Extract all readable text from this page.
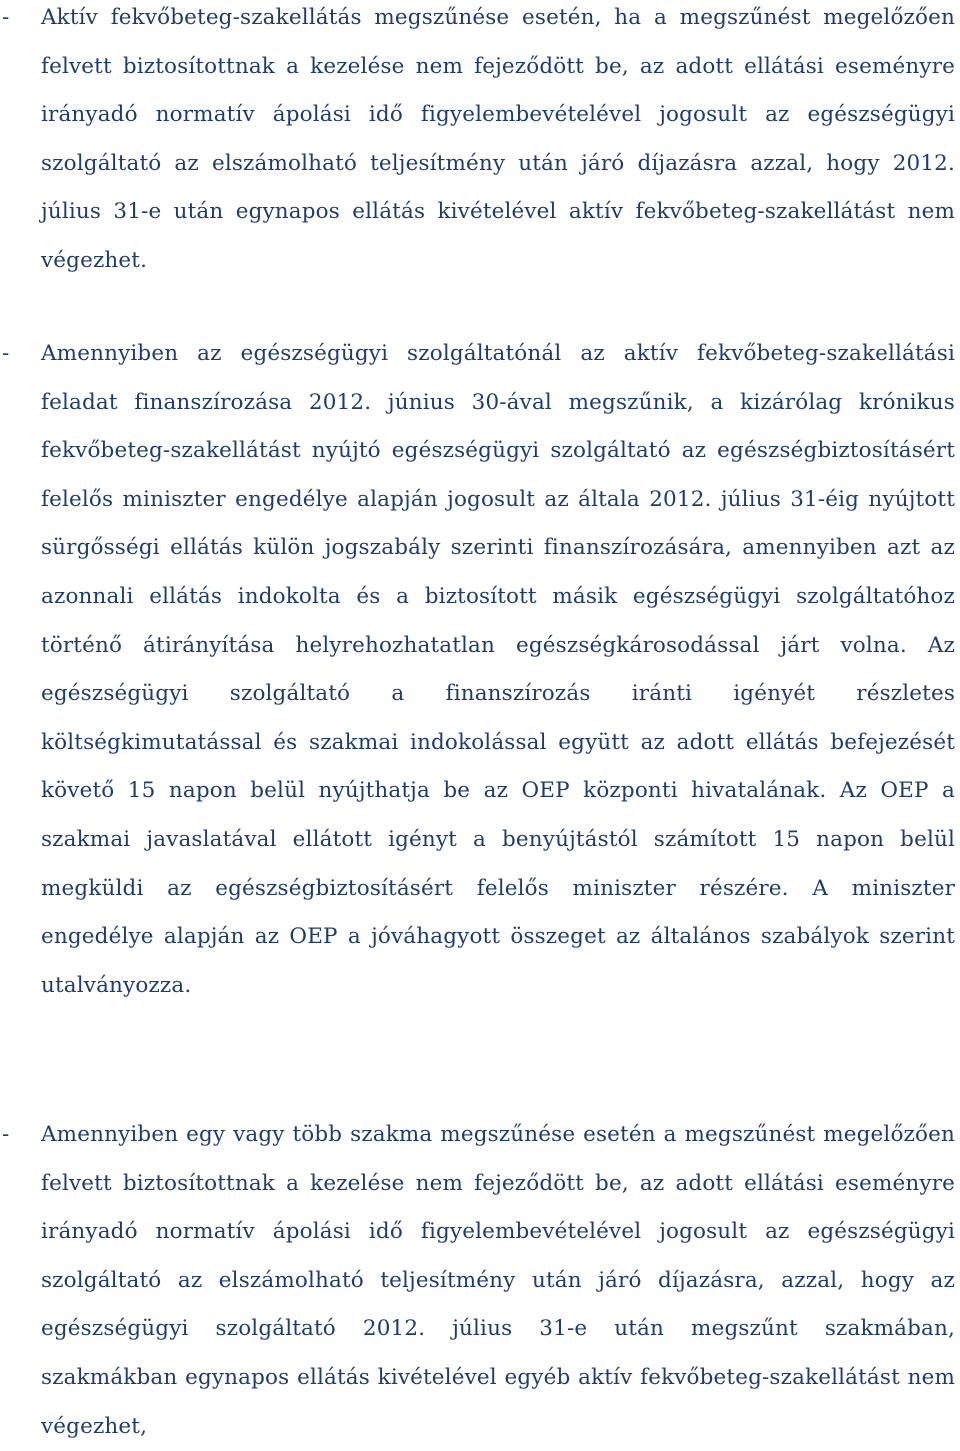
-	Aktív fekvőbeteg-szakellátás megszűnése esetén, ha a megszűnést megelőzően felvett biztosítottnak a kezelése nem fejeződött be, az adott ellátási eseményre irányadó normatív ápolási idő figyelembevételével jogosult az egészségügyi szolgáltató az elszámolható teljesítmény után járó díjazásra azzal, hogy 2012. július 31-e után egynapos ellátás kivételével aktív fekvőbeteg-szakellátást nem végezhet.
-	Amennyiben az egészségügyi szolgáltatónál az aktív fekvőbeteg-szakellátási feladat finanszírozása 2012. június 30-ával megszűnik, a kizárólag krónikus fekvőbeteg-szakellátást nyújtó egészségügyi szolgáltató az egészségbiztosításért felelős miniszter engedélye alapján jogosult az általa 2012. július 31-éig nyújtott sürgősségi ellátás külön jogszabály szerinti finanszírozására, amennyiben azt az azonnali ellátás indokolta és a biztosított másik egészségügyi szolgáltatóhoz történő átirányítása helyrehozhatatlan egészségkárosodással járt volna. Az egészségügyi szolgáltató a finanszírozás iránti igényét részletes költségkimutatással és szakmai indokolással együtt az adott ellátás befejezését követő 15 napon belül nyújthatja be az OEP központi hivatalának. Az OEP a szakmai javaslatával ellátott igényt a benyújtástól számított 15 napon belül megküldi az egészségbiztosításért felelős miniszter részére. A miniszter engedélye alapján az OEP a jóváhagyott összeget az általános szabályok szerint utalványozza.
-	Amennyiben egy vagy több szakma megszűnése esetén a megszűnést megelőzően felvett biztosítottnak a kezelése nem fejeződött be, az adott ellátási eseményre irányadó normatív ápolási idő figyelembevételével jogosult az egészségügyi szolgáltató az elszámolható teljesítmény után járó díjazásra, azzal, hogy az egészségügyi szolgáltató 2012. július 31-e után megszűnt szakmában, szakmákban egynapos ellátás kivételével egyéb aktív fekvőbeteg-szakellátást nem végezhet,
